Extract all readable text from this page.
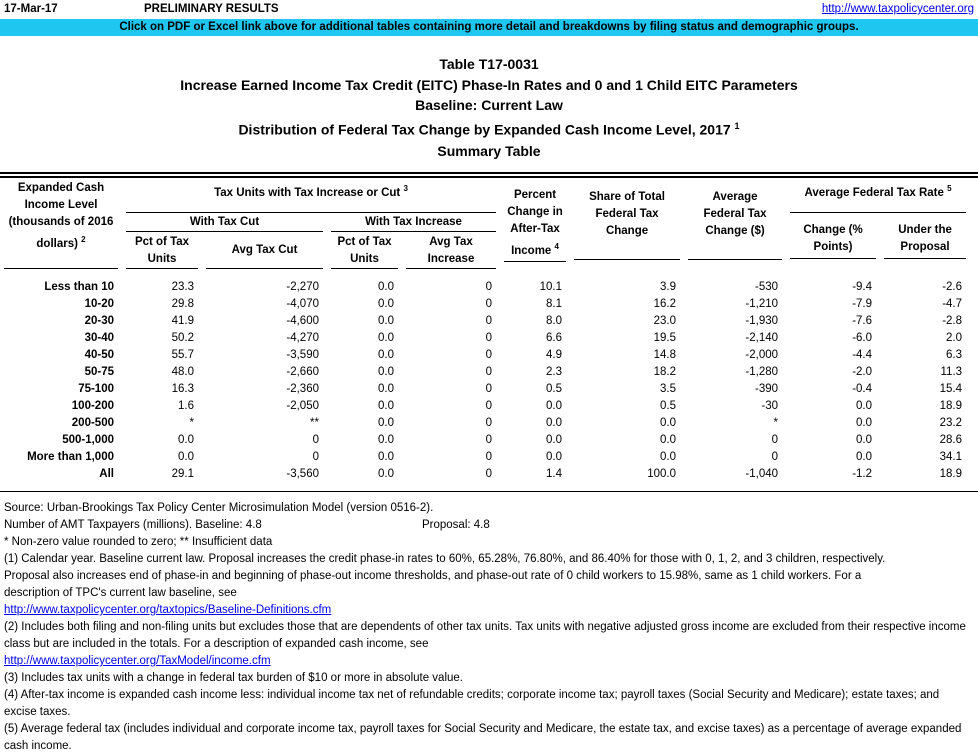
17-Mar-17	PRELIMINARY RESULTS	http://www.taxpolicycenter.org
Click on PDF or Excel link above for additional tables containing more detail and breakdowns by filing status and demographic groups.
Table T17-0031
Increase Earned Income Tax Credit (EITC) Phase-In Rates and 0 and 1 Child EITC Parameters
Baseline: Current Law
Distribution of Federal Tax Change by Expanded Cash Income Level, 2017 $^1$
Summary Table
Expanded Cash Income Level (thousands of 2016 dollars) $^2$	Tax Units with Tax Increase or Cut $^3$				Percent Change in After-Tax Income $^4$	Share of Total Federal Tax Change	Average Federal Tax Change ($)	Average Federal Tax Rate $^5$

	With Tax Cut		With Tax Increase					Change (% Points)	Under the Proposal

	Pct of Tax Units	Avg Tax Cut	Pct of Tax Units	Avg Tax Increase					

Less than 10	23.3	-2,270	0.0	0	10.1	3.9	-530	-9.4	-2.6
10-20	29.8	-4,070	0.0	0	8.1	16.2	-1,210	-7.9	-4.7
20-30	41.9	-4,600	0.0	0	8.0	23.0	-1,930	-7.6	-2.8
30-40	50.2	-4,270	0.0	0	6.6	19.5	-2,140	-6.0	2.0
40-50	55.7	-3,590	0.0	0	4.9	14.8	-2,000	-4.4	6.3
50-75	48.0	-2,660	0.0	0	2.3	18.2	-1,280	-2.0	11.3
75-100	16.3	-2,360	0.0	0	0.5	3.5	-390	-0.4	15.4
100-200	1.6	-2,050	0.0	0	0.0	0.5	-30	0.0	18.9
200-500	*	**	0.0	0	0.0	0.0	*	0.0	23.2
500-1,000	0.0	0	0.0	0	0.0	0.0	0	0.0	28.6
More than 1,000	0.0	0	0.0	0	0.0	0.0	0	0.0	34.1
All	29.1	-3,560	0.0	0	1.4	100.0	-1,040	-1.2	18.9
Source: Urban-Brookings Tax Policy Center Microsimulation Model (version 0516-2).
Number of AMT Taxpayers (millions). Baseline: 4.8	Proposal: 4.8
* Non-zero value rounded to zero; ** Insufficient data
(1) Calendar year. Baseline current law. Proposal increases the credit phase-in rates to 60%, 65.28%, 76.80%, and 86.40% for those with 0, 1, 2, and 3 children, respectively. Proposal also increases end of phase-in and beginning of phase-out income thresholds, and phase-out rate of 0 child workers to 15.98%, same as 1 child workers. For a description of TPC's current law baseline, see
http://www.taxpolicycenter.org/taxtopics/Baseline-Definitions.cfm
(2) Includes both filing and non-filing units but excludes those that are dependents of other tax units. Tax units with negative adjusted gross income are excluded from their respective income class but are included in the totals. For a description of expanded cash income, see
http://www.taxpolicycenter.org/TaxModel/income.cfm
(3) Includes tax units with a change in federal tax burden of $10 or more in absolute value.
(4) After-tax income is expanded cash income less: individual income tax net of refundable credits; corporate income tax; payroll taxes (Social Security and Medicare); estate taxes; and excise taxes.
(5) Average federal tax (includes individual and corporate income tax, payroll taxes for Social Security and Medicare, the estate tax, and excise taxes) as a percentage of average expanded cash income.
